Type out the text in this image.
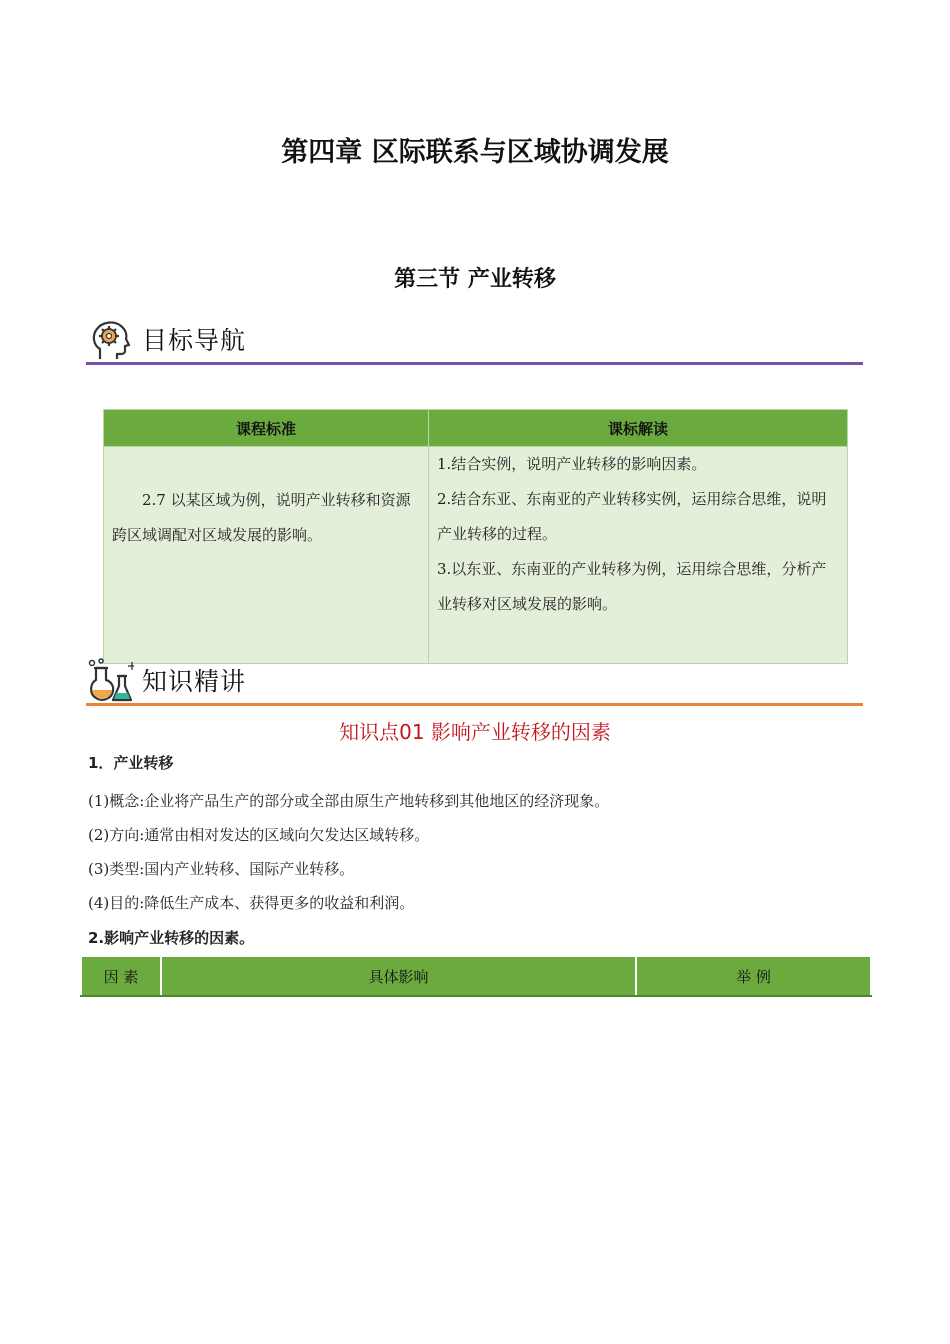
第四章 区际联系与区域协调发展
第三节 产业转移
目标导航
课程标准	课标解读
2.7 以某区域为例，说明产业转移和资源跨区域调配对区域发展的影响。	1.结合实例，说明产业转移的影响因素。

2.结合东亚、东南亚的产业转移实例，运用综合思维，说明产业转移的过程。

3.以东亚、东南亚的产业转移为例，运用综合思维，分析产业转移对区域发展的影响。

知识精讲
知识点01 影响产业转移的因素
1．产业转移
(1)概念:企业将产品生产的部分或全部由原生产地转移到其他地区的经济现象。
(2)方向:通常由相对发达的区域向欠发达区域转移。
(3)类型:国内产业转移、国际产业转移。
(4)目的:降低生产成本、获得更多的收益和利润。
2.影响产业转移的因素。
因 素	具体影响	举 例
